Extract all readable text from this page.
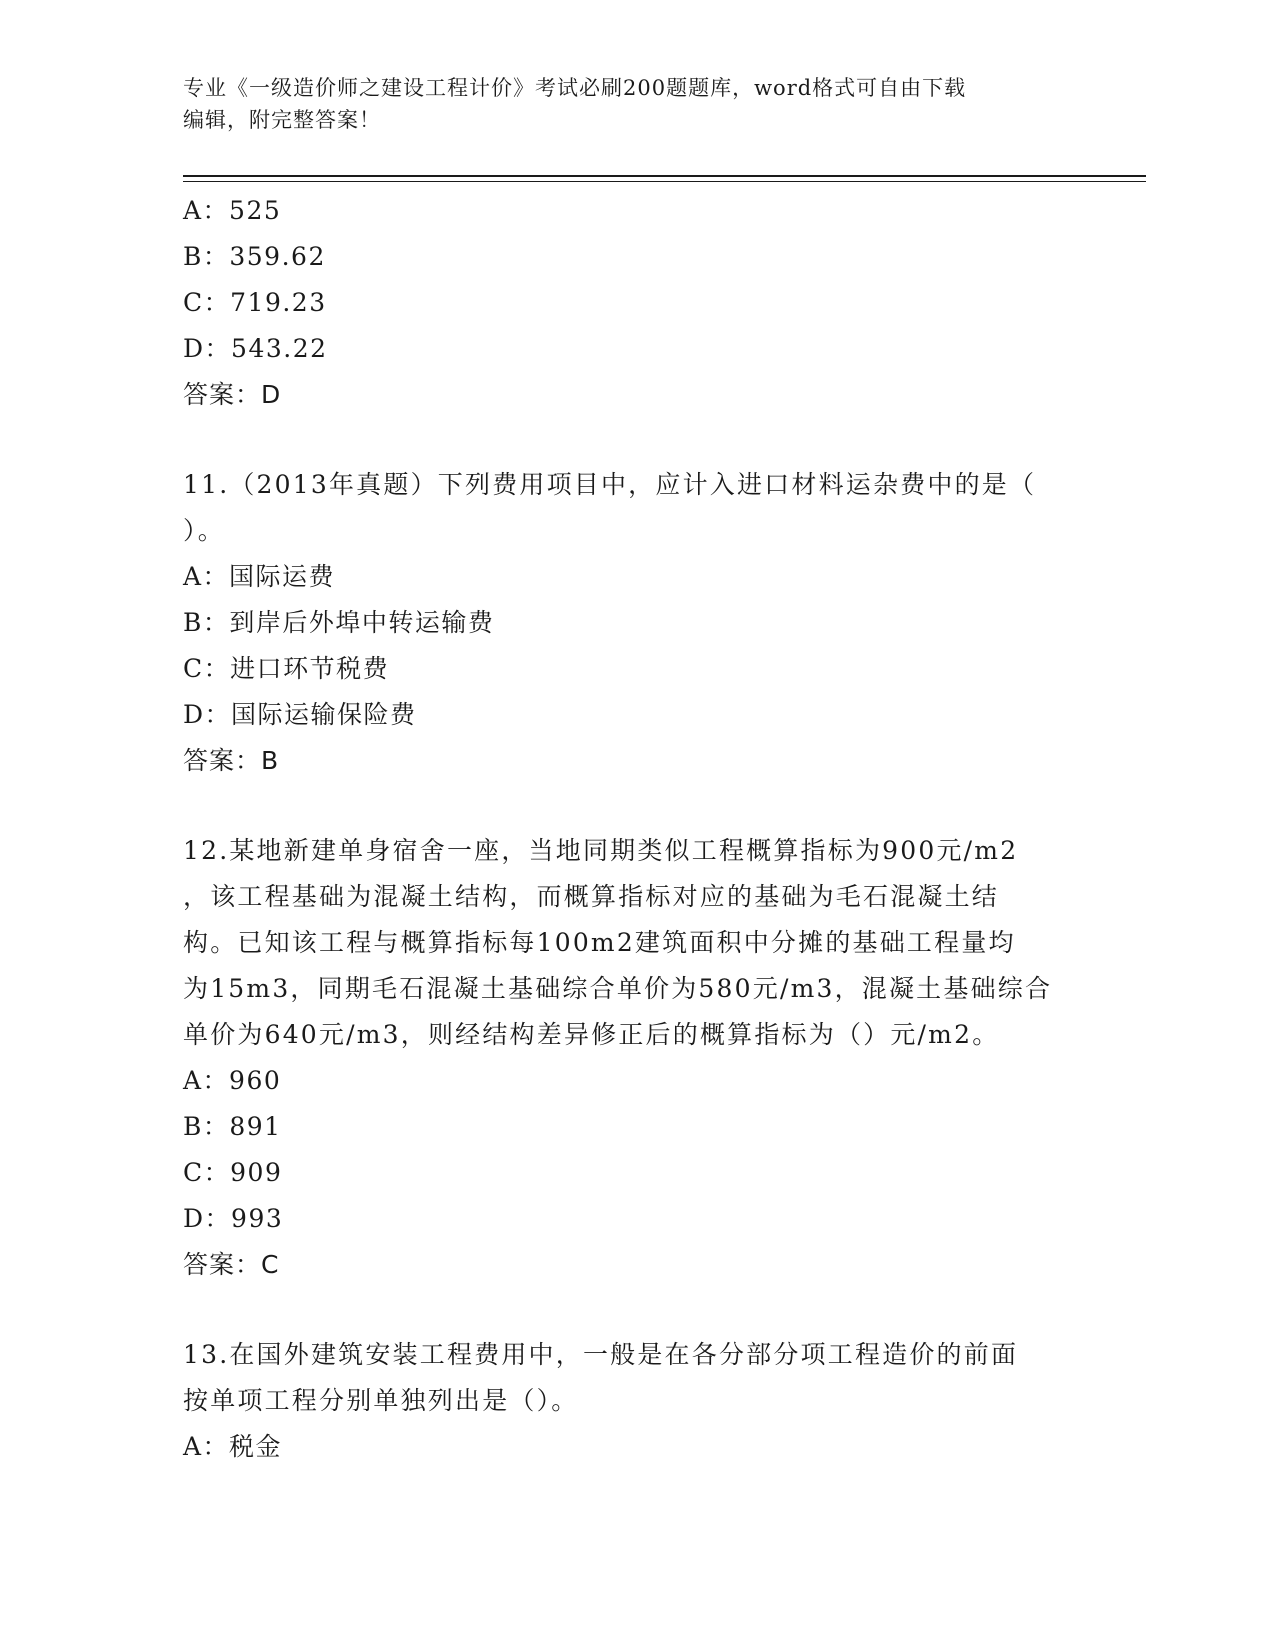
专业《一级造价师之建设工程计价》考试必刷200题题库，word格式可自由下载
编辑，附完整答案！
A：525
B：359.62
C：719.23
D：543.22
答案：D
11.（2013年真题）下列费用项目中，应计入进口材料运杂费中的是（
）。
A：国际运费
B：到岸后外埠中转运输费
C：进口环节税费
D：国际运输保险费
答案：B
12.某地新建单身宿舍一座，当地同期类似工程概算指标为900元/m2
，该工程基础为混凝土结构，而概算指标对应的基础为毛石混凝土结
构。已知该工程与概算指标每100m2建筑面积中分摊的基础工程量均
为15m3，同期毛石混凝土基础综合单价为580元/m3，混凝土基础综合
单价为640元/m3，则经结构差异修正后的概算指标为（）元/m2。
A：960
B：891
C：909
D：993
答案：C
13.在国外建筑安装工程费用中，一般是在各分部分项工程造价的前面
按单项工程分别单独列出是（）。
A：税金
